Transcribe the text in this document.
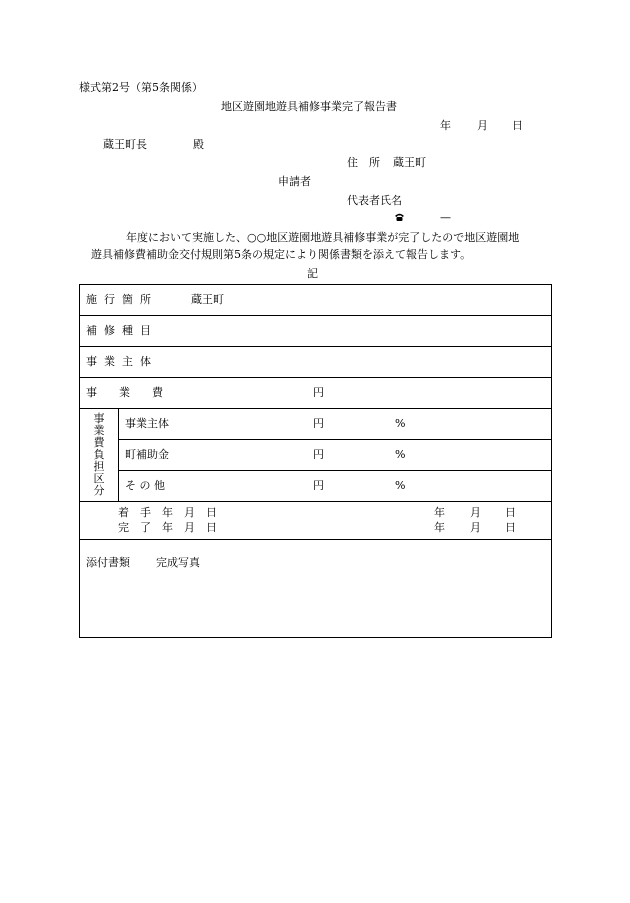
様式第2号（第5条関係）
地区遊園地遊具補修事業完了報告書
年 月 日
蔵王町長	殿
住　所 蔵王町
申請者
代表者氏名
—
年度において実施した、○○地区遊園地遊具補修事業が完了したので地区遊園地
遊具補修費補助金交付規則第5条の規定により関係書類を添えて報告します。
記
施行箇所	蔵王町

補修種目

事業主体

事業費	円

事
業
費
負
担
区
分

事業主体	円	%

町補助金	円	%

そ の 他	円	%

着　手　年　月　日	年 月 日
完　了　年　月　日	年 月 日

添付書類 完成写真
